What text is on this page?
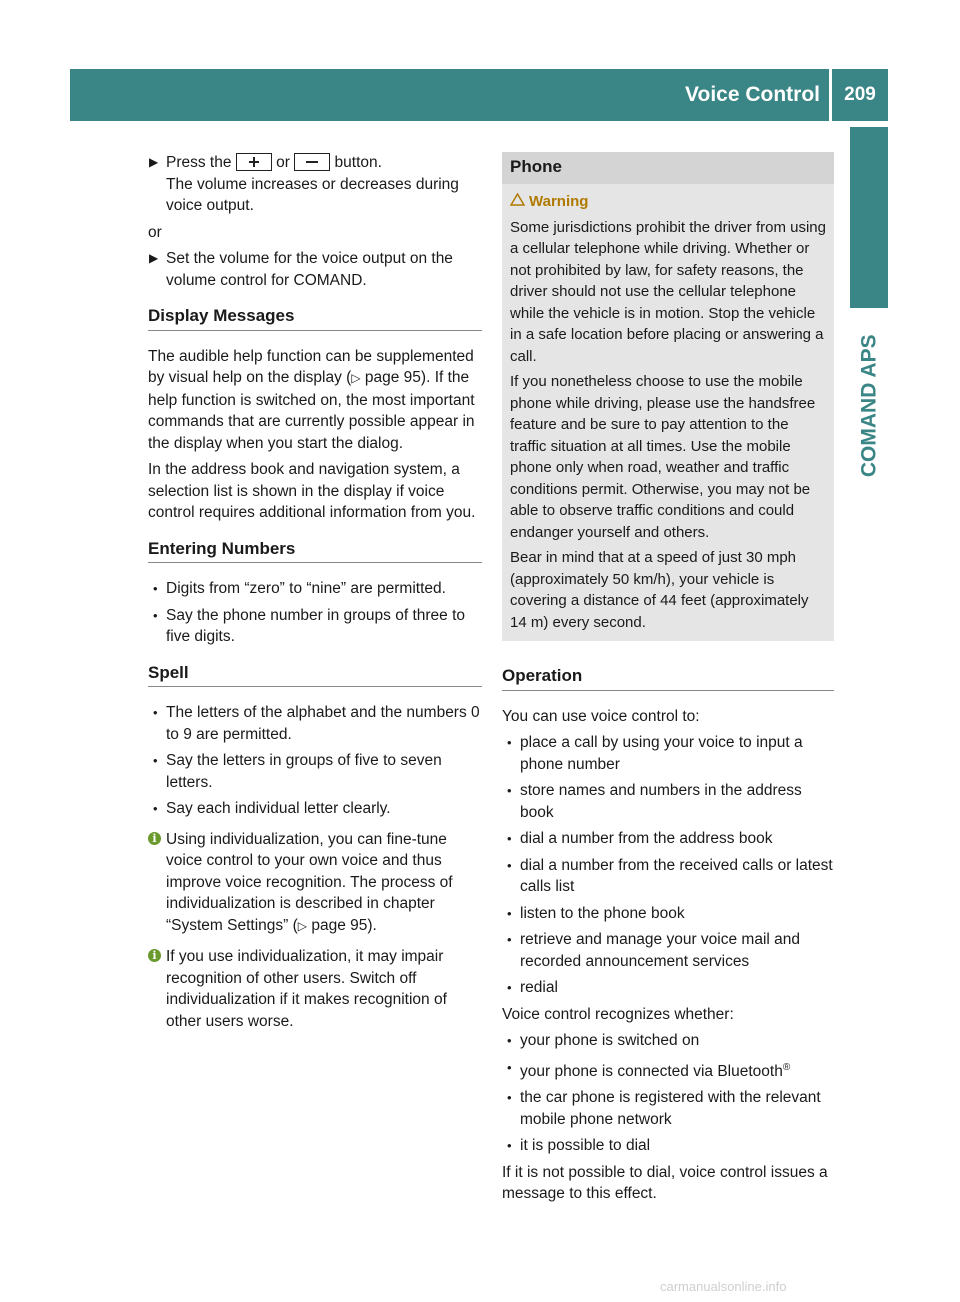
Voice Control	209
COMAND APS
▶ Press the	or	button.
The volume increases or decreases during voice output.

or

▶ Set the volume for the voice output on the volume control for COMAND.
Display Messages

The audible help function can be supplemented by visual help on the display (▷ page 95). If the help function is switched on, the most important commands that are currently possible appear in the display when you start the dialog.

In the address book and navigation system, a selection list is shown in the display if voice control requires additional information from you.

Entering Numbers
• Digits from “zero” to “nine” are permitted.
• Say the phone number in groups of three to five digits.
Spell
• The letters of the alphabet and the numbers 0 to 9 are permitted.
• Say the letters in groups of five to seven letters.
• Say each individual letter clearly.
i Using individualization, you can fine-tune voice control to your own voice and thus improve voice recognition. The process of individualization is described in chapter “System Settings” (▷ page 95).
i If you use individualization, it may impair recognition of other users. Switch off individualization if it makes recognition of other users worse.
Phone
Warning

Some jurisdictions prohibit the driver from using a cellular telephone while driving. Whether or not prohibited by law, for safety reasons, the driver should not use the cellular telephone while the vehicle is in motion. Stop the vehicle in a safe location before placing or answering a call.

If you nonetheless choose to use the mobile phone while driving, please use the handsfree feature and be sure to pay attention to the traffic situation at all times. Use the mobile phone only when road, weather and traffic conditions permit. Otherwise, you may not be able to observe traffic conditions and could endanger yourself and others.

Bear in mind that at a speed of just 30 mph (approximately 50 km/h), your vehicle is covering a distance of 44 feet (approximately 14 m) every second.

Operation

You can use voice control to:

• place a call by using your voice to input a phone number
• store names and numbers in the address book
• dial a number from the address book
• dial a number from the received calls or latest calls list
• listen to the phone book
• retrieve and manage your voice mail and recorded announcement services
• redial

Voice control recognizes whether:

• your phone is switched on
• your phone is connected via Bluetooth®
• the car phone is registered with the relevant mobile phone network
• it is possible to dial

If it is not possible to dial, voice control issues a message to this effect.

carmanualsonline.info
